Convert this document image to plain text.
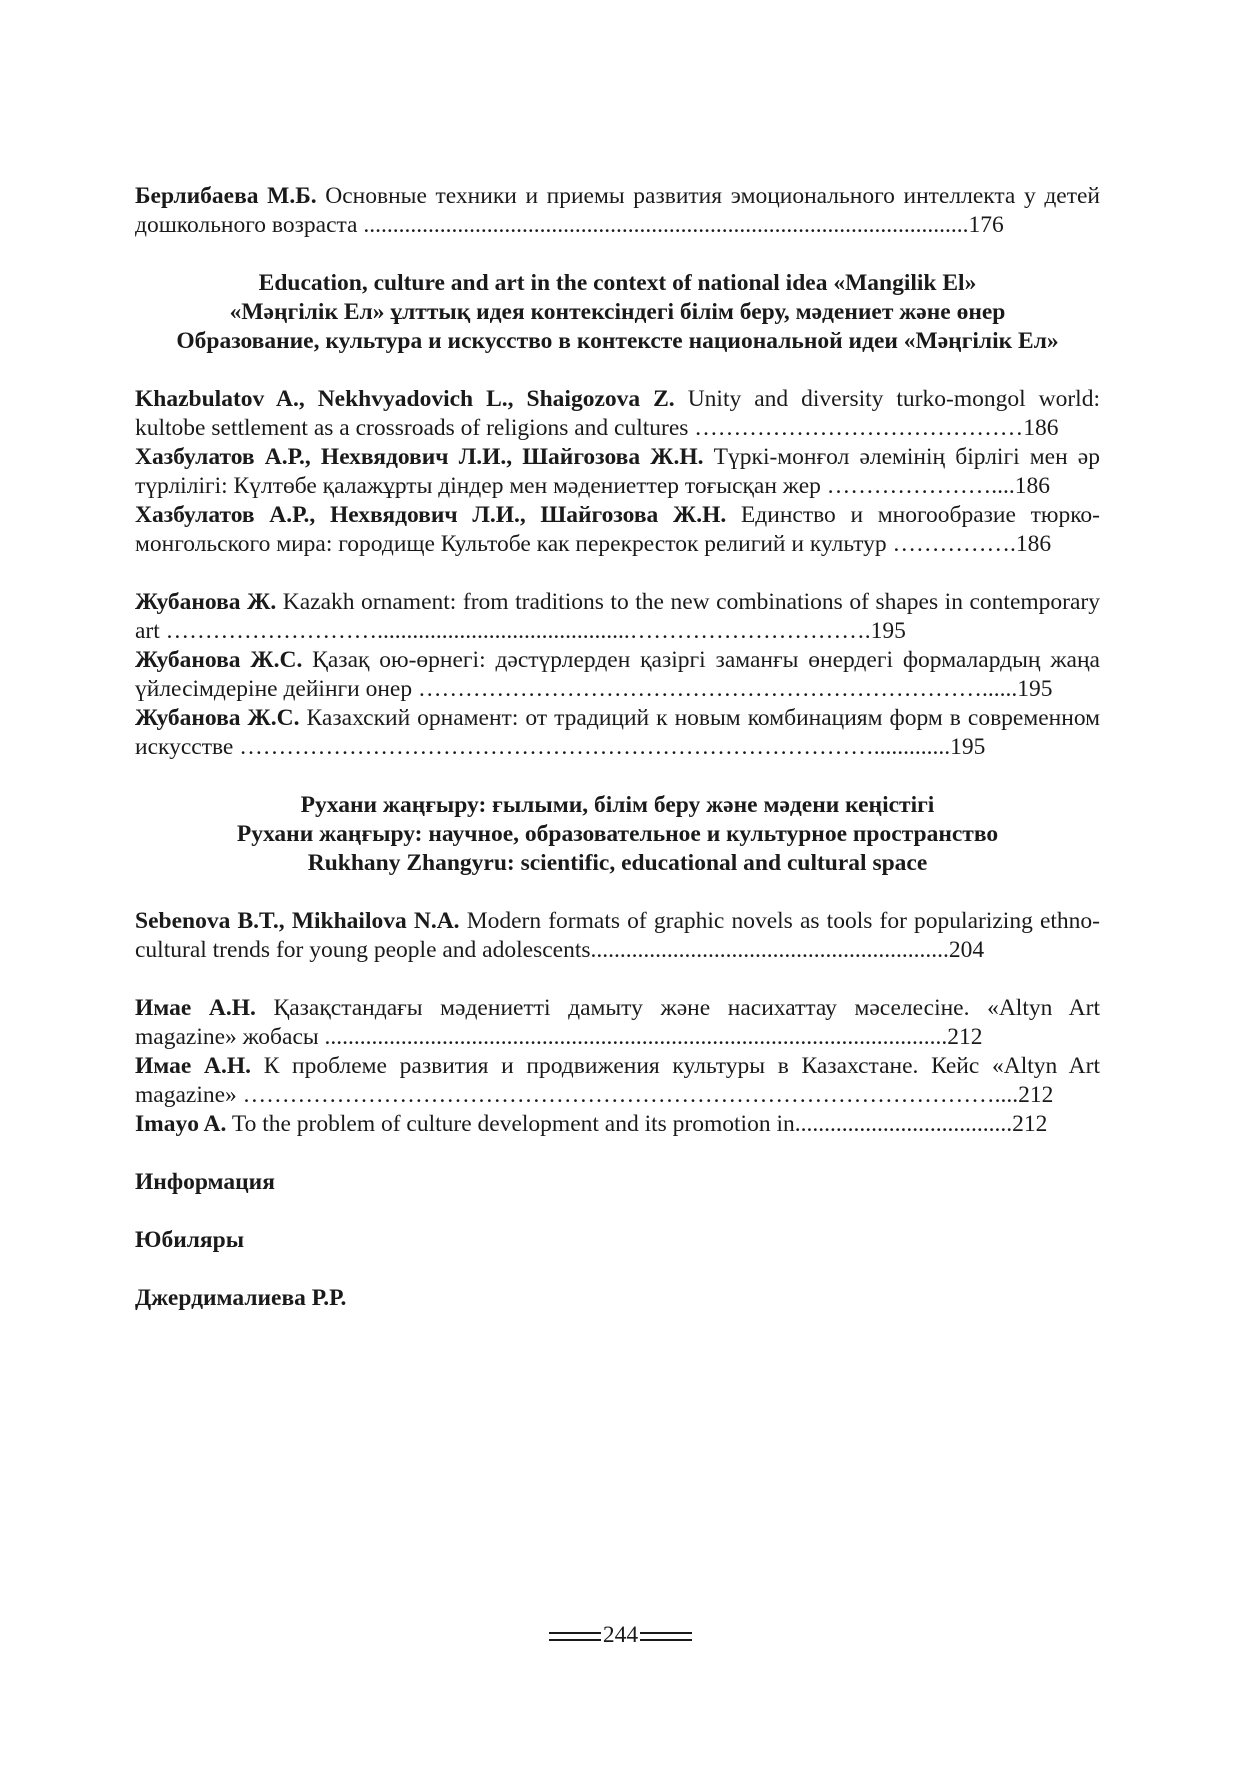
Берлибаева М.Б. Основные техники и приемы развития эмоционального интеллекта у детей дошкольного возраста .......................................................................................................176

Education, culture and art in the context of national idea «Mangilik El»

«Мәңгілік Ел» ұлттық идея контексіндегі білім беру, мәдениет және өнер

Образование, культура и искусство в контексте национальной идеи «Мәңгілік Ел»

Khazbulatov A., Nekhvyadovich L., Shaigozova Z. Unity and diversity turko-mongol world: kultobe settlement as a crossroads of religions and cultures ……………………………………186

Хазбулатов А.Р., Нехвядович Л.И., Шайгозова Ж.Н. Түркі-монғол әлемінің бірлігі мен әр түрлілігі: Күлтөбе қалажұрты діндер мен мәдениеттер тоғысқан жер …………………....186

Хазбулатов А.Р., Нехвядович Л.И., Шайгозова Ж.Н. Единство и многообразие тюрко-монгольского мира: городище Культобе как перекресток религий и культур …………….186

Жубанова Ж. Kazakh ornament: from traditions to the new combinations of shapes in contemporary art ………………………...........................................………………………….195

Жубанова Ж.С. Қазақ ою-өрнегі: дәстүрлерден қазіргі заманғы өнердегі формалардың жаңа үйлесімдеріне дейінги онер ………………………………………………………………......195

Жубанова Ж.С. Казахский орнамент: от традиций к новым комбинациям форм в современном искусстве ……………………………………………………………………….............195

Рухани жаңғыру: ғылыми, білім беру және мәдени кеңістігі

Рухани жаңғыру: научное, образовательное и культурное пространство

Rukhany Zhangyru: scientific, educational and cultural space

Sebenova B.T., Mikhailova N.A. Modern formats of graphic novels as tools for popularizing ethno-cultural trends for young people and adolescents.............................................................204

Имае А.Н. Қазақстандағы мәдениетті дамыту және насихаттау мәселесіне. «Altyn Art magazine» жобасы ..........................................................................................................212

Имае А.Н. К проблеме развития и продвижения культуры в Казахстане. Кейс «Altyn Art magazine» ……………………………………………………………………………………....212

Imayo A. To the problem of culture development and its promotion in.....................................212

Информация

Юбиляры

Джердималиева Р.Р.

244
